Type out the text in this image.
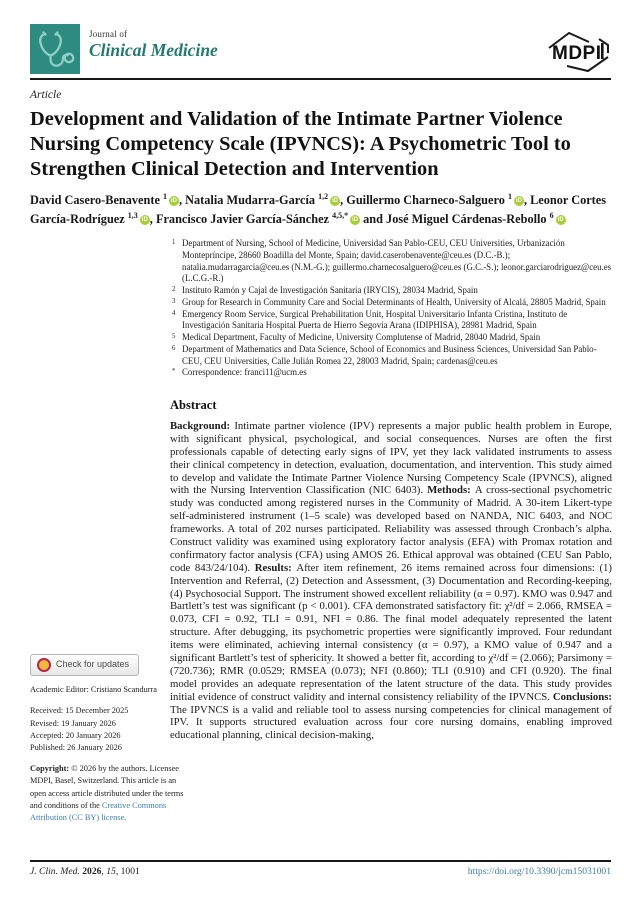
Journal of
Clinical Medicine	MDPI
Article
Development and Validation of the Intimate Partner Violence Nursing Competency Scale (IPVNCS): A Psychometric Tool to Strengthen Clinical Detection and Intervention
David Casero-Benavente $^1$iD , Natalia Mudarra-García $^{1,2}$iD , Guillermo Charneco-Salguero $^1$iD , Leonor Cortes García-Rodríguez $^{1,3}$iD , Francisco Javier García-Sánchez $^{4,5,*}$iD and José Miguel Cárdenas-Rebollo $^6$iD
1 Department of Nursing, School of Medicine, Universidad San Pablo-CEU, CEU Universities, Urbanización Montepríncipe, 28660 Boadilla del Monte, Spain; david.caserobenavente@ceu.es (D.C.-B.); natalia.mudarragarcia@ceu.es (N.M.-G.); guillermo.charnecosalguero@ceu.es (G.C.-S.); leonor.garciarodriguez@ceu.es (L.C.G.-R.)
2 Instituto Ramón y Cajal de Investigación Sanitaria (IRYCIS), 28034 Madrid, Spain
3 Group for Research in Community Care and Social Determinants of Health, University of Alcalá, 28805 Madrid, Spain
4 Emergency Room Service, Surgical Prehabilitation Unit, Hospital Universitario Infanta Cristina, Instituto de Investigación Sanitaria Hospital Puerta de Hierro Segovia Arana (IDIPHISA), 28981 Madrid, Spain
5 Medical Department, Faculty of Medicine, University Complutense of Madrid, 28040 Madrid, Spain
6 Department of Mathematics and Data Science, School of Economics and Business Sciences, Universidad San Pablo-CEU, CEU Universities, Calle Julián Romea 22, 28003 Madrid, Spain; cardenas@ceu.es
* Correspondence: franci11@ucm.es
Abstract
Background: Intimate partner violence (IPV) represents a major public health problem in Europe, with significant physical, psychological, and social consequences. Nurses are often the first professionals capable of detecting early signs of IPV, yet they lack validated instruments to assess their clinical competency in detection, evaluation, documentation, and intervention. This study aimed to develop and validate the Intimate Partner Violence Nursing Competency Scale (IPVNCS), aligned with the Nursing Intervention Classification (NIC 6403). Methods: A cross-sectional psychometric study was conducted among registered nurses in the Community of Madrid. A 30-item Likert-type self-administered instrument (1–5 scale) was developed based on NANDA, NIC 6403, and NOC frameworks. A total of 202 nurses participated. Reliability was assessed through Cronbach’s alpha. Construct validity was examined using exploratory factor analysis (EFA) with Promax rotation and confirmatory factor analysis (CFA) using AMOS 26. Ethical approval was obtained (CEU San Pablo, code 843/24/104). Results: After item refinement, 26 items remained across four dimensions: (1) Intervention and Referral, (2) Detection and Assessment, (3) Documentation and Recording-keeping, (4) Psychosocial Support. The instrument showed excellent reliability (α = 0.97). KMO was 0.947 and Bartlett’s test was significant (p < 0.001). CFA demonstrated satisfactory fit: χ²/df = 2.066, RMSEA = 0.073, CFI = 0.92, TLI = 0.91, NFI = 0.86. The final model adequately represented the latent structure. After debugging, its psychometric properties were significantly improved. Four redundant items were eliminated, achieving internal consistency (α = 0.97), a KMO value of 0.947 and a significant Bartlett’s test of sphericity. It showed a better fit, according to χ²/df = (2.066); Parsimony = (720.736); RMR (0.0529; RMSEA (0.073); NFI (0.860); TLI (0.910) and CFI (0.920). The final model provides an adequate representation of the latent structure of the data. This study provides initial evidence of construct validity and internal consistency reliability of the IPVNCS. Conclusions: The IPVNCS is a valid and reliable tool to assess nursing competencies for clinical management of IPV. It supports structured evaluation across four core nursing domains, enabling improved educational planning, clinical decision-making,
Check for updates
Academic Editor: Cristiano Scandurra
Received: 15 December 2025
Revised: 19 January 2026
Accepted: 20 January 2026
Published: 26 January 2026
Copyright: © 2026 by the authors. Licensee MDPI, Basel, Switzerland. This article is an open access article distributed under the terms and conditions of the Creative Commons Attribution (CC BY) license.
J. Clin. Med. 2026, 15, 1001	https://doi.org/10.3390/jcm15031001
